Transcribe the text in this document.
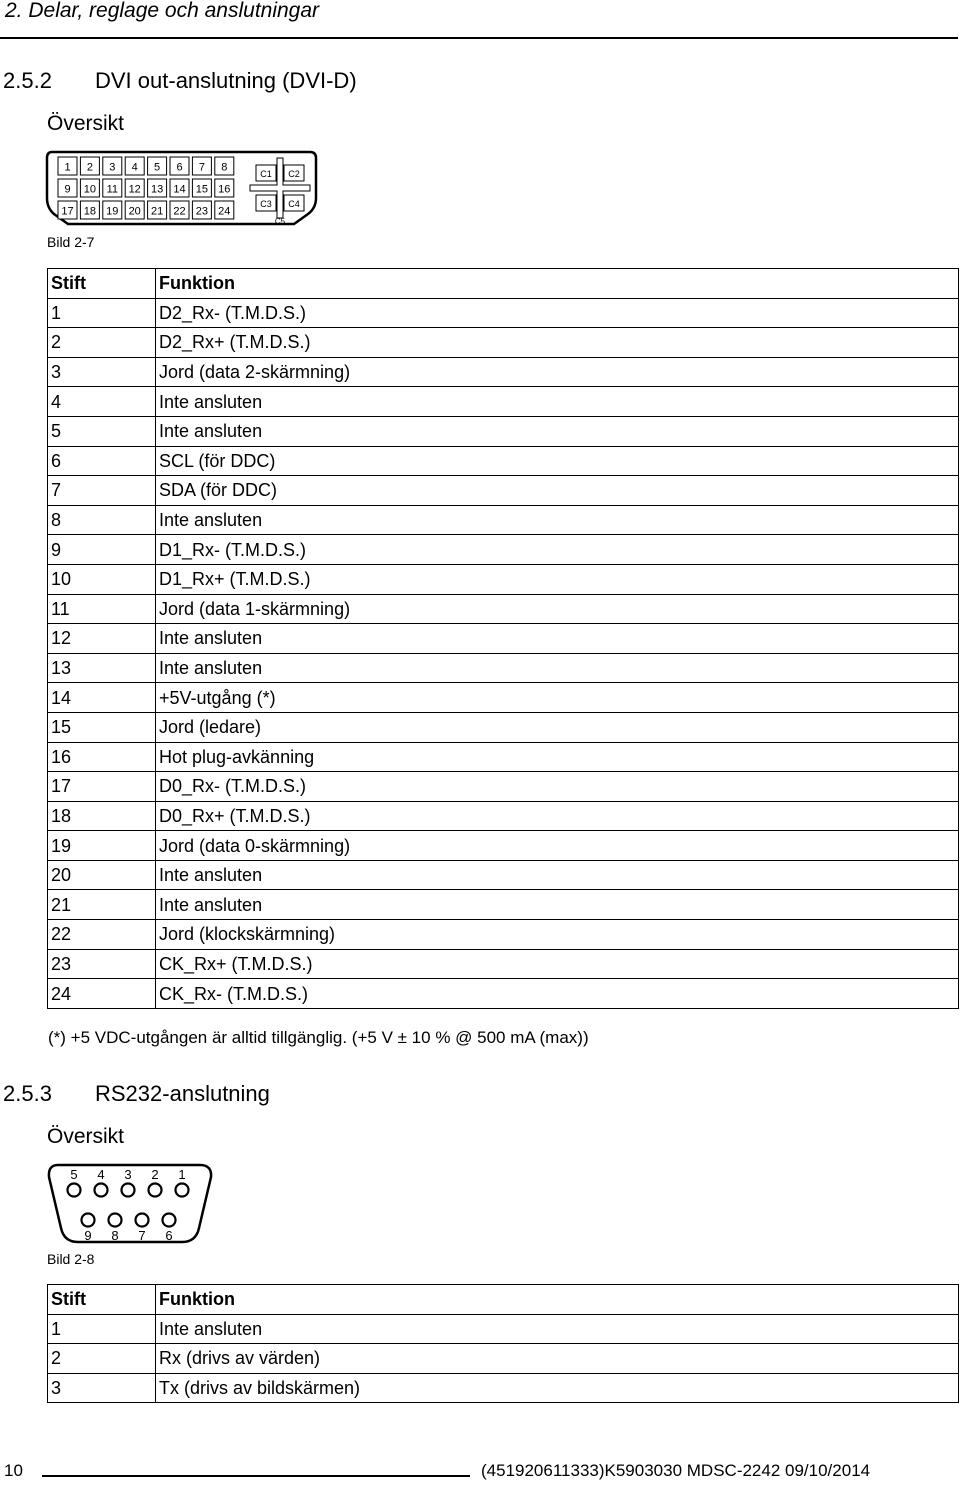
2. Delar, reglage och anslutningar
2.5.2 DVI out-anslutning (DVI-D)
Översikt
1 2 3 4 5 6 7 8
9 10 11 12 13 14 15 16
17 18 19 20 21 22 23 24
C1 C2
C3 C4
C5
Bild 2-7
Stift	Funktion
1	D2_Rx- (T.M.D.S.)
2	D2_Rx+ (T.M.D.S.)
3	Jord (data 2-skärmning)
4	Inte ansluten
5	Inte ansluten
6	SCL (för DDC)
7	SDA (för DDC)
8	Inte ansluten
9	D1_Rx- (T.M.D.S.)
10	D1_Rx+ (T.M.D.S.)
11	Jord (data 1-skärmning)
12	Inte ansluten
13	Inte ansluten
14	+5V-utgång (*)
15	Jord (ledare)
16	Hot plug-avkänning
17	D0_Rx- (T.M.D.S.)
18	D0_Rx+ (T.M.D.S.)
19	Jord (data 0-skärmning)
20	Inte ansluten
21	Inte ansluten
22	Jord (klockskärmning)
23	CK_Rx+ (T.M.D.S.)
24	CK_Rx- (T.M.D.S.)
(*) +5 VDC-utgången är alltid tillgänglig. (+5 V ± 10 % @ 500 mA (max))
2.5.3 RS232-anslutning
Översikt
5 4 3 2 1
9 8 7 6
Bild 2-8
Stift	Funktion
1	Inte ansluten
2	Rx (drivs av värden)
3	Tx (drivs av bildskärmen)
10	(451920611333)K5903030 MDSC-2242 09/10/2014
